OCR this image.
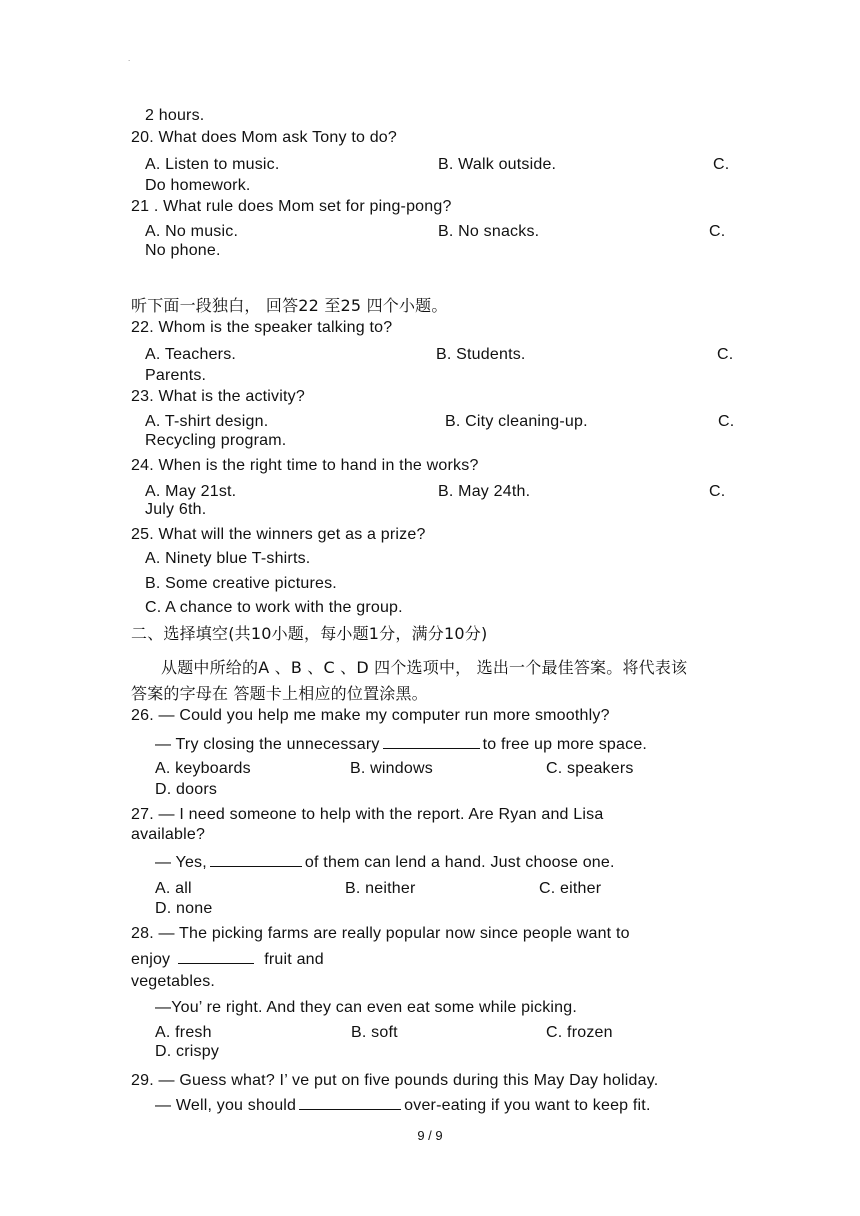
.
2 hours.
20. What does Mom ask Tony to do?
A. Listen to music.	B. Walk outside.	C.
Do homework.
21 . What rule does Mom set for ping-pong?
A. No music.	B. No snacks.	C.
No phone.
听下面一段独白， 回答22 至25 四个小题。
22. Whom is the speaker talking to?
A. Teachers.	B. Students.	C.
Parents.
23. What is the activity?
A. T-shirt design.	B. City cleaning-up.	C.
Recycling program.
24. When is the right time to hand in the works?
A. May 21st.	B. May 24th.	C.
July 6th.
25. What will the winners get as a prize?
A. Ninety blue T-shirts.
B. Some creative pictures.
C. A chance to work with the group.
二、选择填空(共10小题，每小题1分，满分10分)
从题中所给的A 、B 、C 、D 四个选项中， 选出一个最佳答案。将代表该
答案的字母在 答题卡上相应的位置涂黑。
26. — Could you help me make my computer run more smoothly?
— Try closing the unnecessary	to free up more space.
A. keyboards	B. windows	C. speakers
D. doors
27. — I need someone to help with the report. Are Ryan and Lisa
available?
— Yes,	of them can lend a hand. Just choose one.
A. all	B. neither	C. either
D. none
28. — The picking farms are really popular now since people want to
enjoy	fruit and
vegetables.
—You’ re right. And they can even eat some while picking.
A. fresh	B. soft	C. frozen
D. crispy
29. — Guess what? I’ ve put on five pounds during this May Day holiday.
— Well, you should	over-eating if you want to keep fit.
9 / 9
